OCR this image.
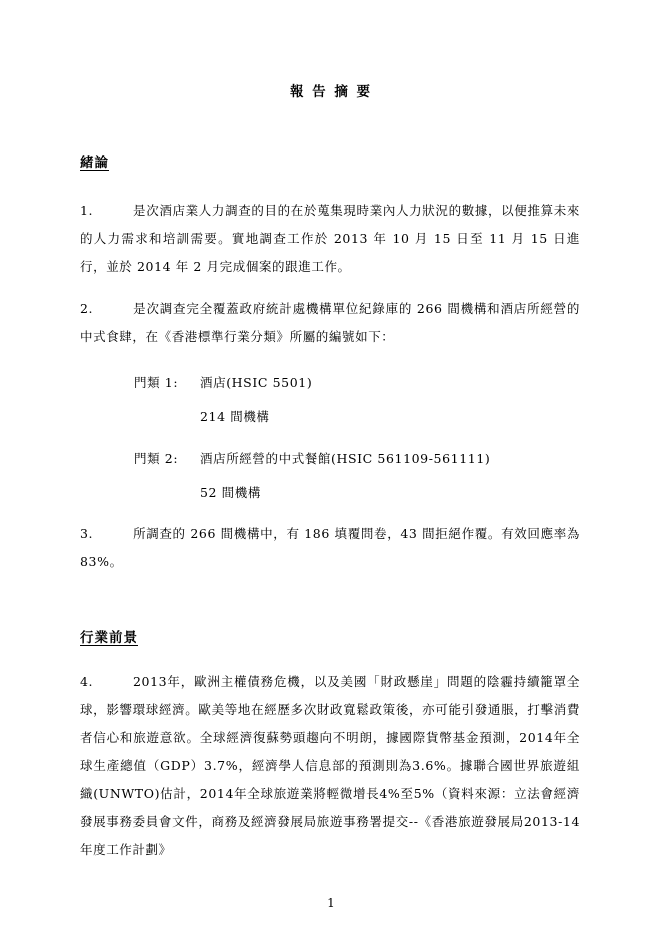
報 告 摘 要
緒論
1.	是次酒店業人力調查的目的在於蒐集現時業內人力狀況的數據，以便推算未來的人力需求和培訓需要。實地調查工作於 2013 年 10 月 15 日至 11 月 15 日進行，並於 2014 年 2 月完成個案的跟進工作。
2.	是次調查完全覆蓋政府統計處機構單位紀錄庫的 266 間機構和酒店所經營的中式食肆，在《香港標準行業分類》所屬的編號如下：
門類 1: 酒店(HSIC 5501)
214 間機構
門類 2: 酒店所經營的中式餐館(HSIC 561109-561111)
52 間機構
3.	所調查的 266 間機構中，有 186 填覆問卷，43 間拒絕作覆。有效回應率為 83%。
行業前景
4.	2013年，歐洲主權債務危機，以及美國「財政懸崖」問題的陰霾持續籠罩全球，影響環球經濟。歐美等地在經歷多次財政寬鬆政策後，亦可能引發通脹，打擊消費者信心和旅遊意欲。全球經濟復蘇勢頭趨向不明朗，據國際貨幣基金預測，2014年全球生產總值（GDP）3.7%，經濟學人信息部的預測則為3.6%。據聯合國世界旅遊組織(UNWTO)估計，2014年全球旅遊業將輕微增長4%至5%（資料來源：立法會經濟發展事務委員會文件，商務及經濟發展局旅遊事務署提交--《香港旅遊發展局2013-14年度工作計劃》
1
